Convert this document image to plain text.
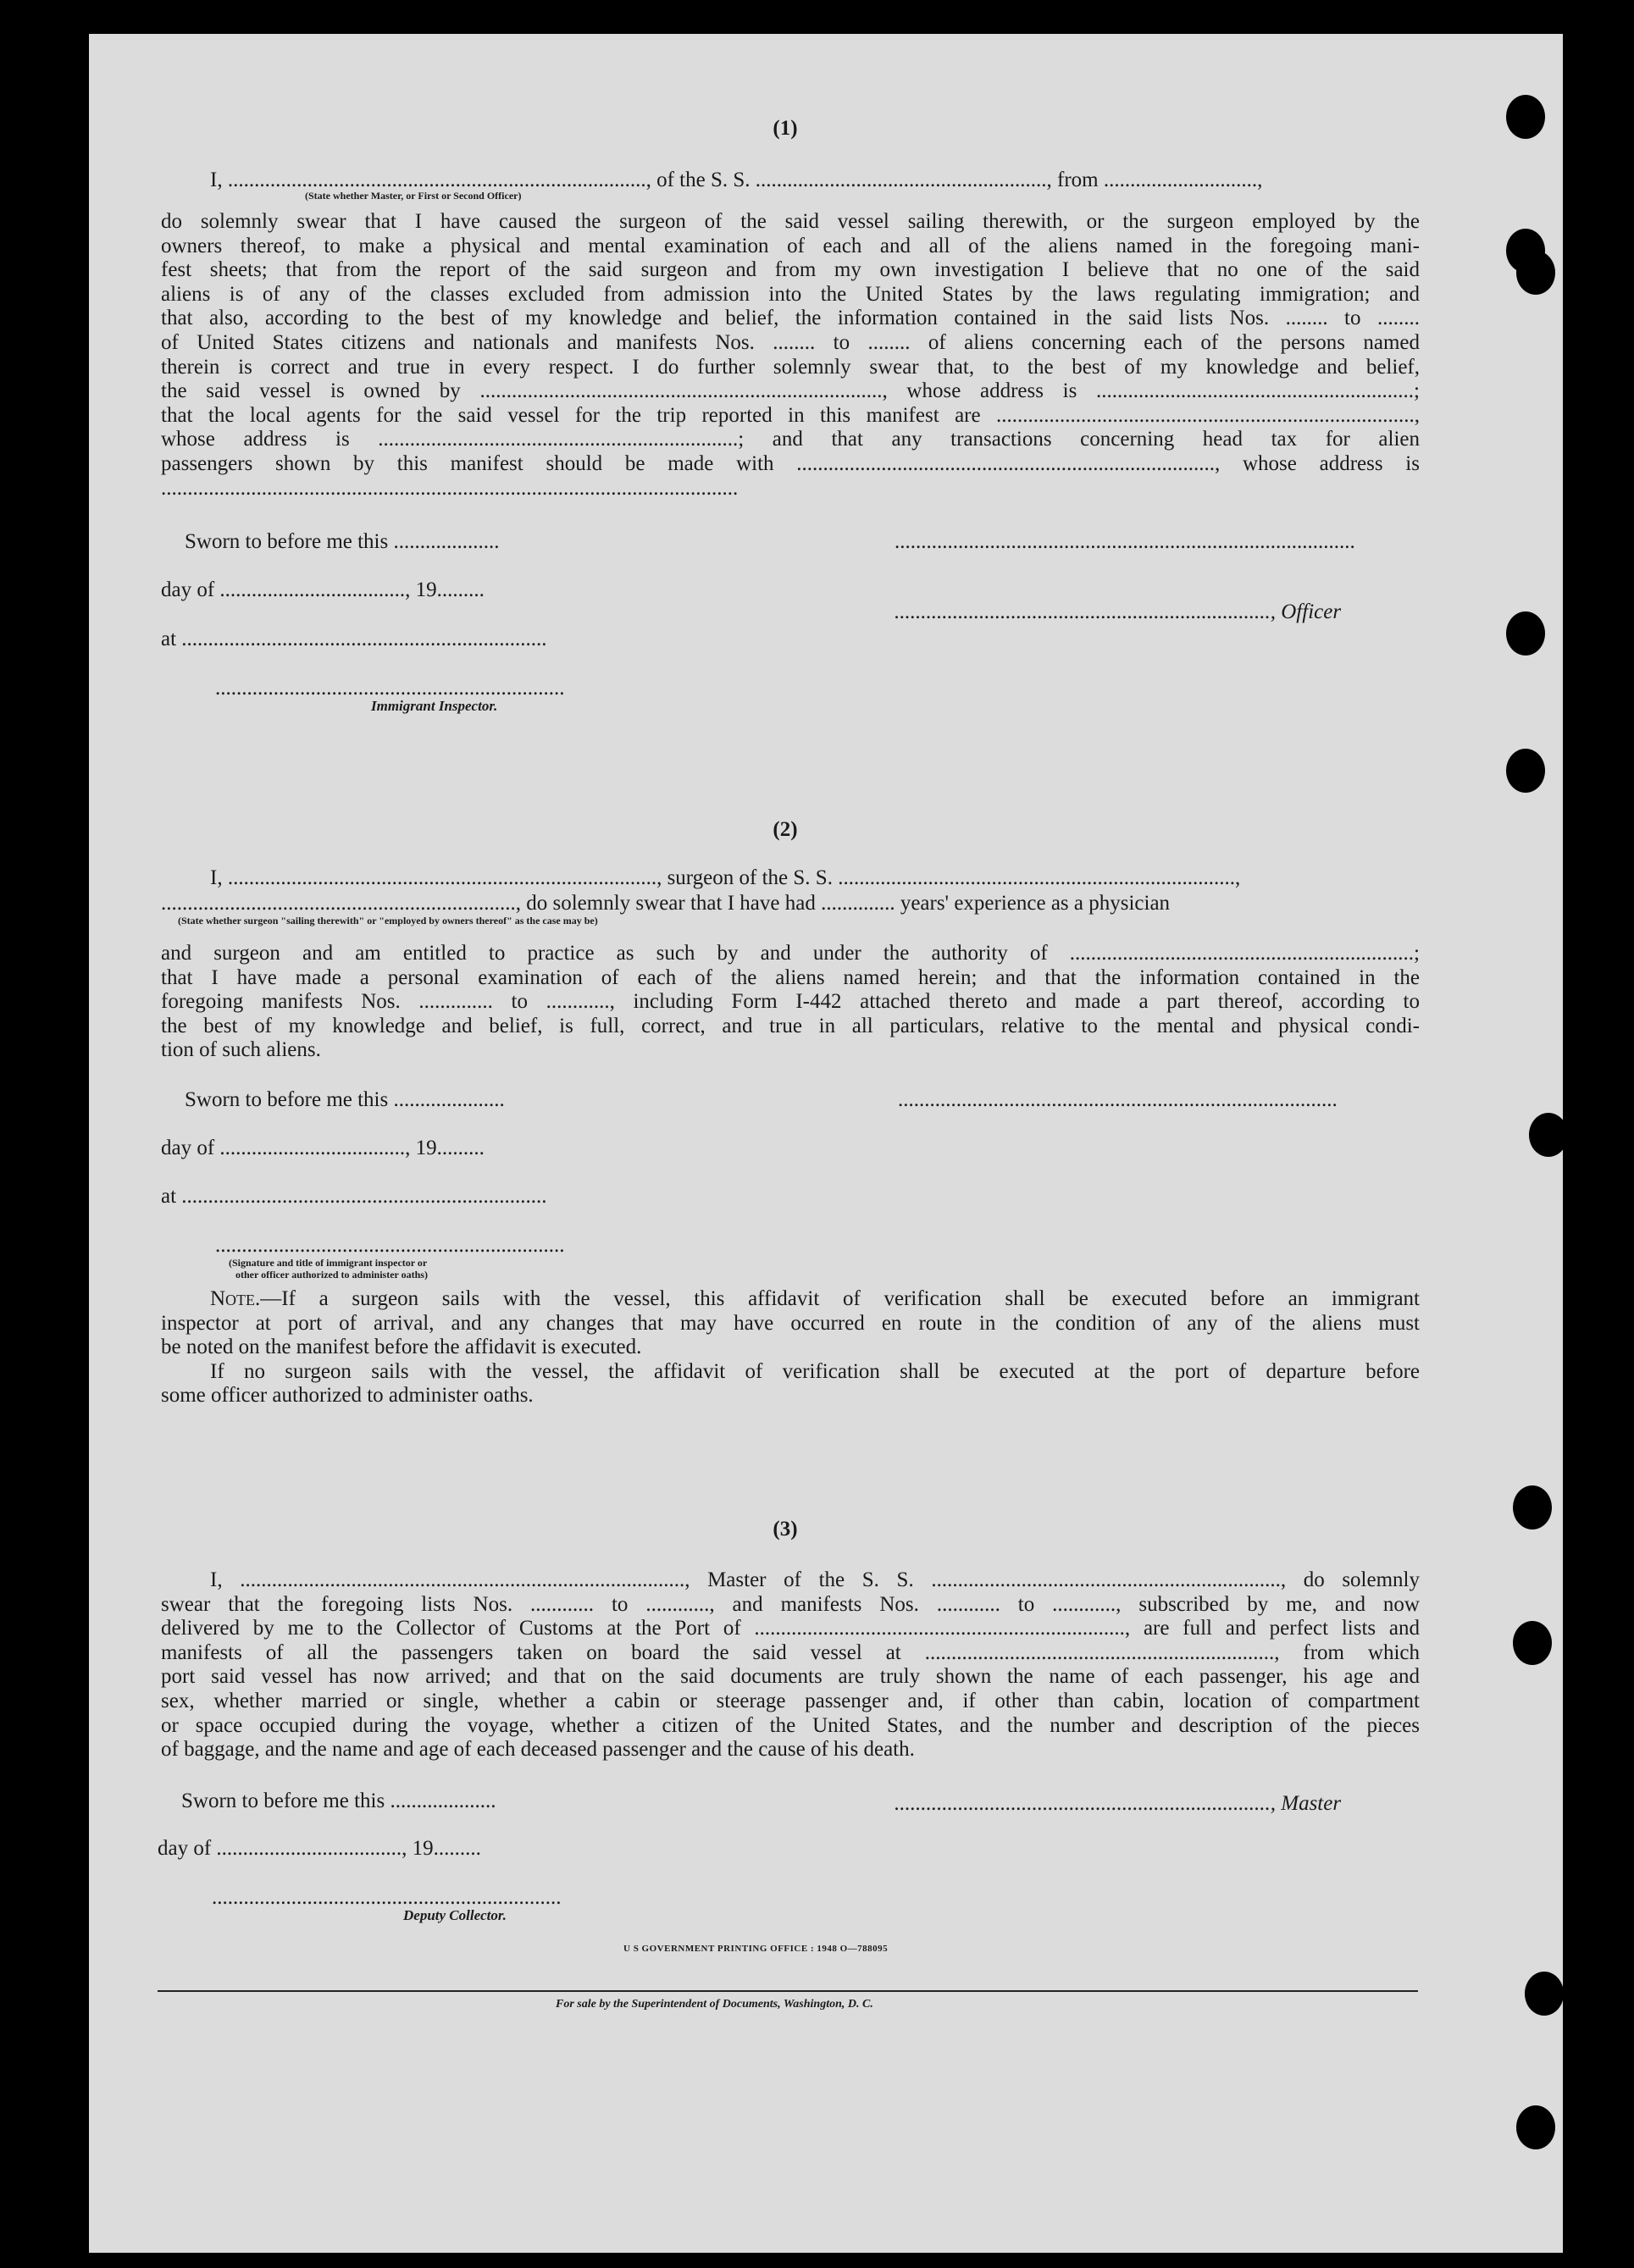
(1)
I, ..............................................................................., of the S. S. ......................................................., from .............................,
(State whether Master, or First or Second Officer)

do solemnly swear that I have caused the surgeon of the said vessel sailing therewith, or the surgeon employed by the

owners thereof, to make a physical and mental examination of each and all of the aliens named in the foregoing mani-

fest sheets; that from the report of the said surgeon and from my own investigation I believe that no one of the said

aliens is of any of the classes excluded from admission into the United States by the laws regulating immigration; and

that also, according to the best of my knowledge and belief, the information contained in the said lists Nos. ........ to ........

of United States citizens and nationals and manifests Nos. ........ to ........ of aliens concerning each of the persons named

therein is correct and true in every respect. I do further solemnly swear that, to the best of my knowledge and belief,

the said vessel is owned by ............................................................................, whose address is ............................................................;

that the local agents for the said vessel for the trip reported in this manifest are ...............................................................................,

whose address is ....................................................................; and that any transactions concerning head tax for alien

passengers shown by this manifest should be made with ..............................................................................., whose address is

.............................................................................................................

Sworn to before me this ....................	.......................................................................................
day of ..................................., 19.........
......................................................................., Officer
at .....................................................................
..................................................................
Immigrant Inspector.
(2)
I, ................................................................................., surgeon of the S. S. ...........................................................................,
..................................................................., do solemnly swear that I have had .............. years' experience as a physician
(State whether surgeon "sailing therewith" or "employed by owners thereof" as the case may be)

and surgeon and am entitled to practice as such by and under the authority of .................................................................;

that I have made a personal examination of each of the aliens named herein; and that the information contained in the

foregoing manifests Nos. .............. to ............, including Form I-442 attached thereto and made a part thereof, according to

the best of my knowledge and belief, is full, correct, and true in all particulars, relative to the mental and physical condi-

tion of such aliens.

Sworn to before me this .....................	...................................................................................
day of ..................................., 19.........
at .....................................................................
..................................................................
(Signature and title of immigrant inspector or
other officer authorized to administer oaths)

Note.—If a surgeon sails with the vessel, this affidavit of verification shall be executed before an immigrant

inspector at port of arrival, and any changes that may have occurred en route in the condition of any of the aliens must

be noted on the manifest before the affidavit is executed.

If no surgeon sails with the vessel, the affidavit of verification shall be executed at the port of departure before

some officer authorized to administer oaths.

(3)

I, ...................................................................................., Master of the S. S. .................................................................., do solemnly

swear that the foregoing lists Nos. ............ to ............, and manifests Nos. ............ to ............, subscribed by me, and now

delivered by me to the Collector of Customs at the Port of ......................................................................, are full and perfect lists and

manifests of all the passengers taken on board the said vessel at .................................................................., from which

port said vessel has now arrived; and that on the said documents are truly shown the name of each passenger, his age and

sex, whether married or single, whether a cabin or steerage passenger and, if other than cabin, location of compartment

or space occupied during the voyage, whether a citizen of the United States, and the number and description of the pieces

of baggage, and the name and age of each deceased passenger and the cause of his death.

Sworn to before me this ....................	......................................................................., Master
day of ..................................., 19.........
..................................................................
Deputy Collector.
U S GOVERNMENT PRINTING OFFICE : 1948 O—788095
For sale by the Superintendent of Documents, Washington, D. C.
